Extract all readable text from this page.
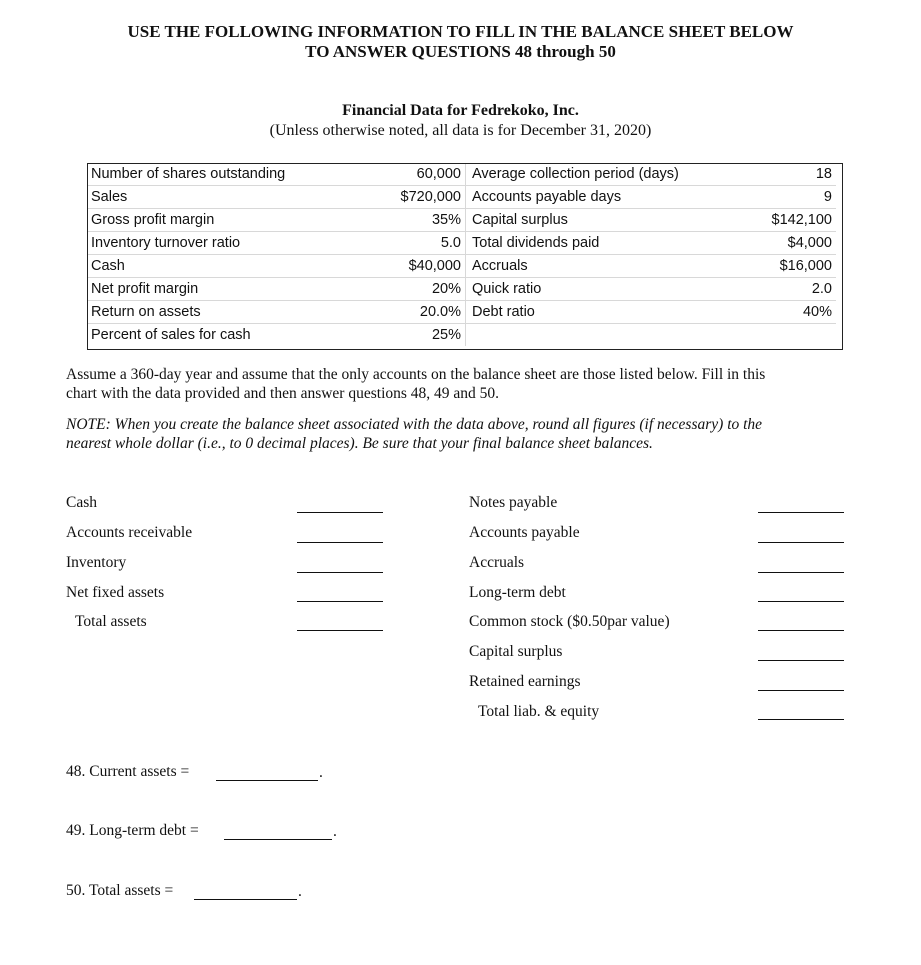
USE THE FOLLOWING INFORMATION TO FILL IN THE BALANCE SHEET BELOW
TO ANSWER QUESTIONS 48 through 50
Financial Data for Fedrekoko, Inc.
(Unless otherwise noted, all data is for December 31, 2020)
Number of shares outstanding	60,000	Average collection period (days)	18
Sales	$720,000	Accounts payable days	9
Gross profit margin	35%	Capital surplus	$142,100
Inventory turnover ratio	5.0	Total dividends paid	$4,000
Cash	$40,000	Accruals	$16,000
Net profit margin	20%	Quick ratio	2.0
Return on assets	20.0%	Debt ratio	40%
Percent of sales for cash	25%		
Assume a 360-day year and assume that the only accounts on the balance sheet are those listed below. Fill in this
chart with the data provided and then answer questions 48, 49 and 50.
NOTE: When you create the balance sheet associated with the data above, round all figures (if necessary) to the
nearest whole dollar (i.e., to 0 decimal places). Be sure that your final balance sheet balances.
Cash
Accounts receivable
Inventory
Net fixed assets
Total assets
Notes payable
Accounts payable
Accruals
Long-term debt
Common stock ($0.50par value)
Capital surplus
Retained earnings
Total liab. & equity
48. Current assets =	.
49. Long-term debt =	.
50. Total assets =	.
